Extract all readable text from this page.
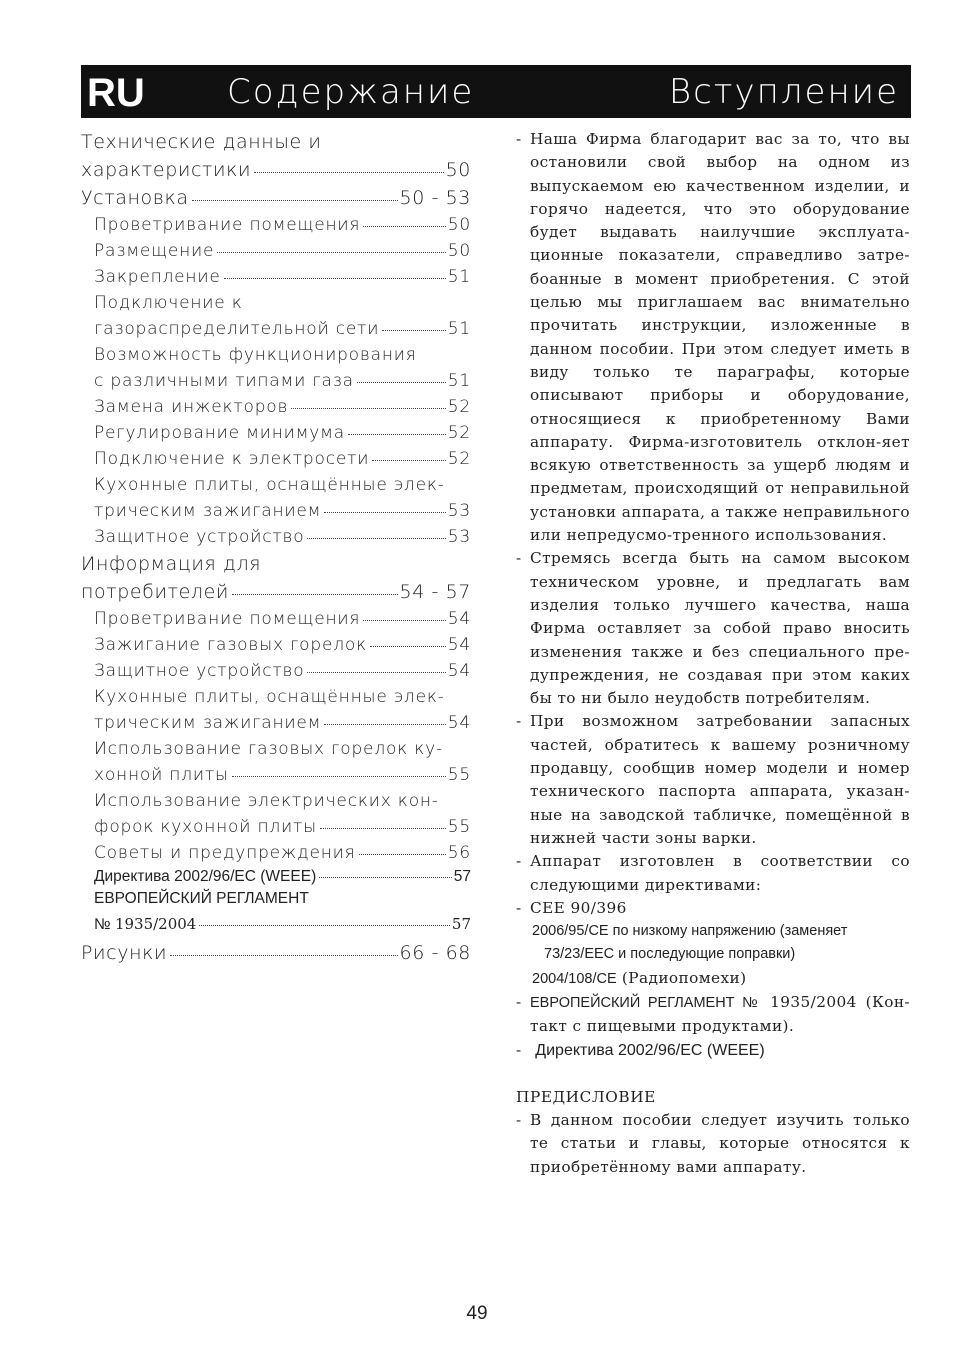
RU Содержание	Вступление
Технические данные и
характеристики	50
Установка	50 - 53
Проветривание помещения	50
Размещение	50
Закрепление	51
Подключение к
газораспределительной сети	51
Возможность функционирования
с различными типами газа	51
Замена инжекторов	52
Регулирование минимума	52
Подключение к электросети	52
Кухонные плиты, оснащённые элек-
трическим зажиганием	53
Защитное устройство	53
Информация для
потребителей	54 - 57
Проветривание помещения	54
Зажигание газовых горелок	54
Защитное устройство	54
Кухонные плиты, оснащённые элек-
трическим зажиганием	54
Использование газовых горелок ку-
хонной плиты	55
Использование электрических кон-
форок кухонной плиты	55
Советы и предупреждения	56
Директива 2002/96/EC (WEEE)	57
ЕВРОПЕЙСКИЙ РЕГЛАМЕНТ
№
1935/2004	57
Рисунки	66 - 68
- Наша Фирма благодарит вас за то, что вы остановили свой выбор на одном из выпускаемом ею качественном изделии, и горячо надеется, что это оборудование будет выдавать наилучшие эксплуата-ционные показатели, справедливо затре-боанные в момент приобретения. С этой целью мы приглашаем вас внимательно прочитать инструкции, изложенные в данном пособии. При этом следует иметь в виду только те параграфы, которые описывают приборы и оборудование, относящиеся к приобретенному Вами аппарату. Фирма-изготовитель отклон-яет всякую ответственность за ущерб людям и предметам, происходящий от неправильной установки аппарата, а также неправильного или непредусмо-тренного использования.
- Стремясь всегда быть на самом высоком техническом уровне, и предлагать вам изделия только лучшего качества, наша Фирма оставляет за собой право вносить изменения также и без специального пре-дупреждения, не создавая при этом каких бы то ни было неудобств потребителям.
- При возможном затребовании запасных частей, обратитесь к вашему розничному продавцу, сообщив номер модели и номер технического паспорта аппарата, указан-ные на заводской табличке, помещённой в нижней части зоны варки.
- Аппарат изготовлен в соответствии со следующими директивами:
- CEE 90/396
2006/95/CE по низкому напряжению (заменяет
73/23/EEC и последующие поправки)
2004/108/CE (Радиопомехи)
- ЕВРОПЕЙСКИЙ РЕГЛАМЕНТ № 1935/2004 (Кон-такт с пищевыми продуктами).
- Директива 2002/96/EC (WEEE)
ПРЕДИСЛОВИЕ
- В данном пособии следует изучить только те статьи и главы, которые относятся к приобретённому вами аппарату.
49
